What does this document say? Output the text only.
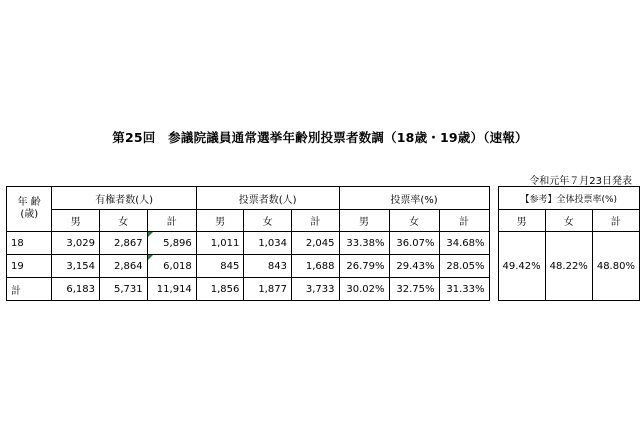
第25回　参議院議員通常選挙年齢別投票者数調（18歳・19歳）（速報）
令和元年７月23日発表
年 齢
(歳)	有権者数(人)			投票者数(人)			投票率(%)				【参考】全体投票率(%)		
	男	女	計	男	女	計	男	女	計		男	女	計
18	3,029	2,867	5,896	1,011	1,034	2,045	33.38%	36.07%	34.68%		49.42%	48.22%	48.80%
19	3,154	2,864	6,018	845	843	1,688	26.79%	29.43%	28.05%				
計	6,183	5,731	11,914	1,856	1,877	3,733	30.02%	32.75%	31.33%				
